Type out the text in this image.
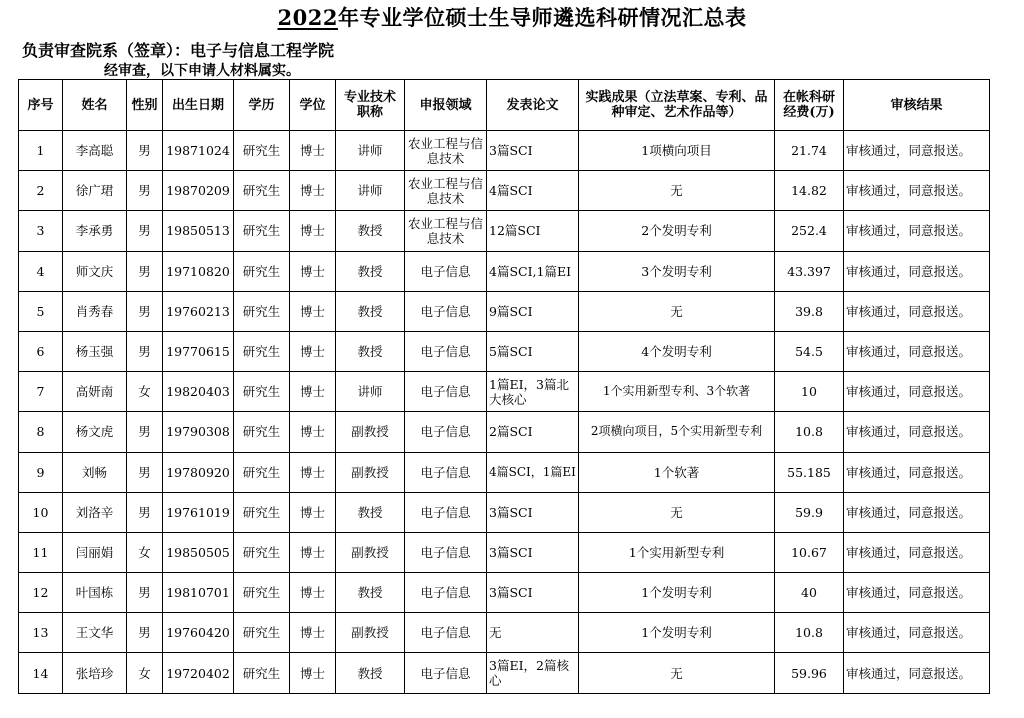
2022年专业学位硕士生导师遴选科研情况汇总表
负责审查院系（签章）：电子与信息工程学院
经审查，以下申请人材料属实。
序号	姓名	性别	出生日期	学历	学位	专业技术职称	申报领域	发表论文	实践成果（立法草案、专利、品种审定、艺术作品等）	在帐科研经费(万)	审核结果
1	李高聪	男	19871024	研究生	博士	讲师	农业工程与信息技术	3篇SCI	1项横向项目	21.74	审核通过，同意报送。
2	徐广珺	男	19870209	研究生	博士	讲师	农业工程与信息技术	4篇SCI	无	14.82	审核通过，同意报送。
3	李承勇	男	19850513	研究生	博士	教授	农业工程与信息技术	12篇SCI	2个发明专利	252.4	审核通过，同意报送。
4	师文庆	男	19710820	研究生	博士	教授	电子信息	4篇SCI,1篇EI	3个发明专利	43.397	审核通过，同意报送。
5	肖秀春	男	19760213	研究生	博士	教授	电子信息	9篇SCI	无	39.8	审核通过，同意报送。
6	杨玉强	男	19770615	研究生	博士	教授	电子信息	5篇SCI	4个发明专利	54.5	审核通过，同意报送。
7	高妍南	女	19820403	研究生	博士	讲师	电子信息	1篇EI，3篇北大核心	1个实用新型专利、3个软著	10	审核通过，同意报送。
8	杨文虎	男	19790308	研究生	博士	副教授	电子信息	2篇SCI	2项横向项目，5个实用新型专利	10.8	审核通过，同意报送。
9	刘畅	男	19780920	研究生	博士	副教授	电子信息	4篇SCI，1篇EI	1个软著	55.185	审核通过，同意报送。
10	刘洛辛	男	19761019	研究生	博士	教授	电子信息	3篇SCI	无	59.9	审核通过，同意报送。
11	闫丽娟	女	19850505	研究生	博士	副教授	电子信息	3篇SCI	1个实用新型专利	10.67	审核通过，同意报送。
12	叶国栋	男	19810701	研究生	博士	教授	电子信息	3篇SCI	1个发明专利	40	审核通过，同意报送。
13	王文华	男	19760420	研究生	博士	副教授	电子信息	无	1个发明专利	10.8	审核通过，同意报送。
14	张培珍	女	19720402	研究生	博士	教授	电子信息	3篇EI，2篇核心	无	59.96	审核通过，同意报送。
